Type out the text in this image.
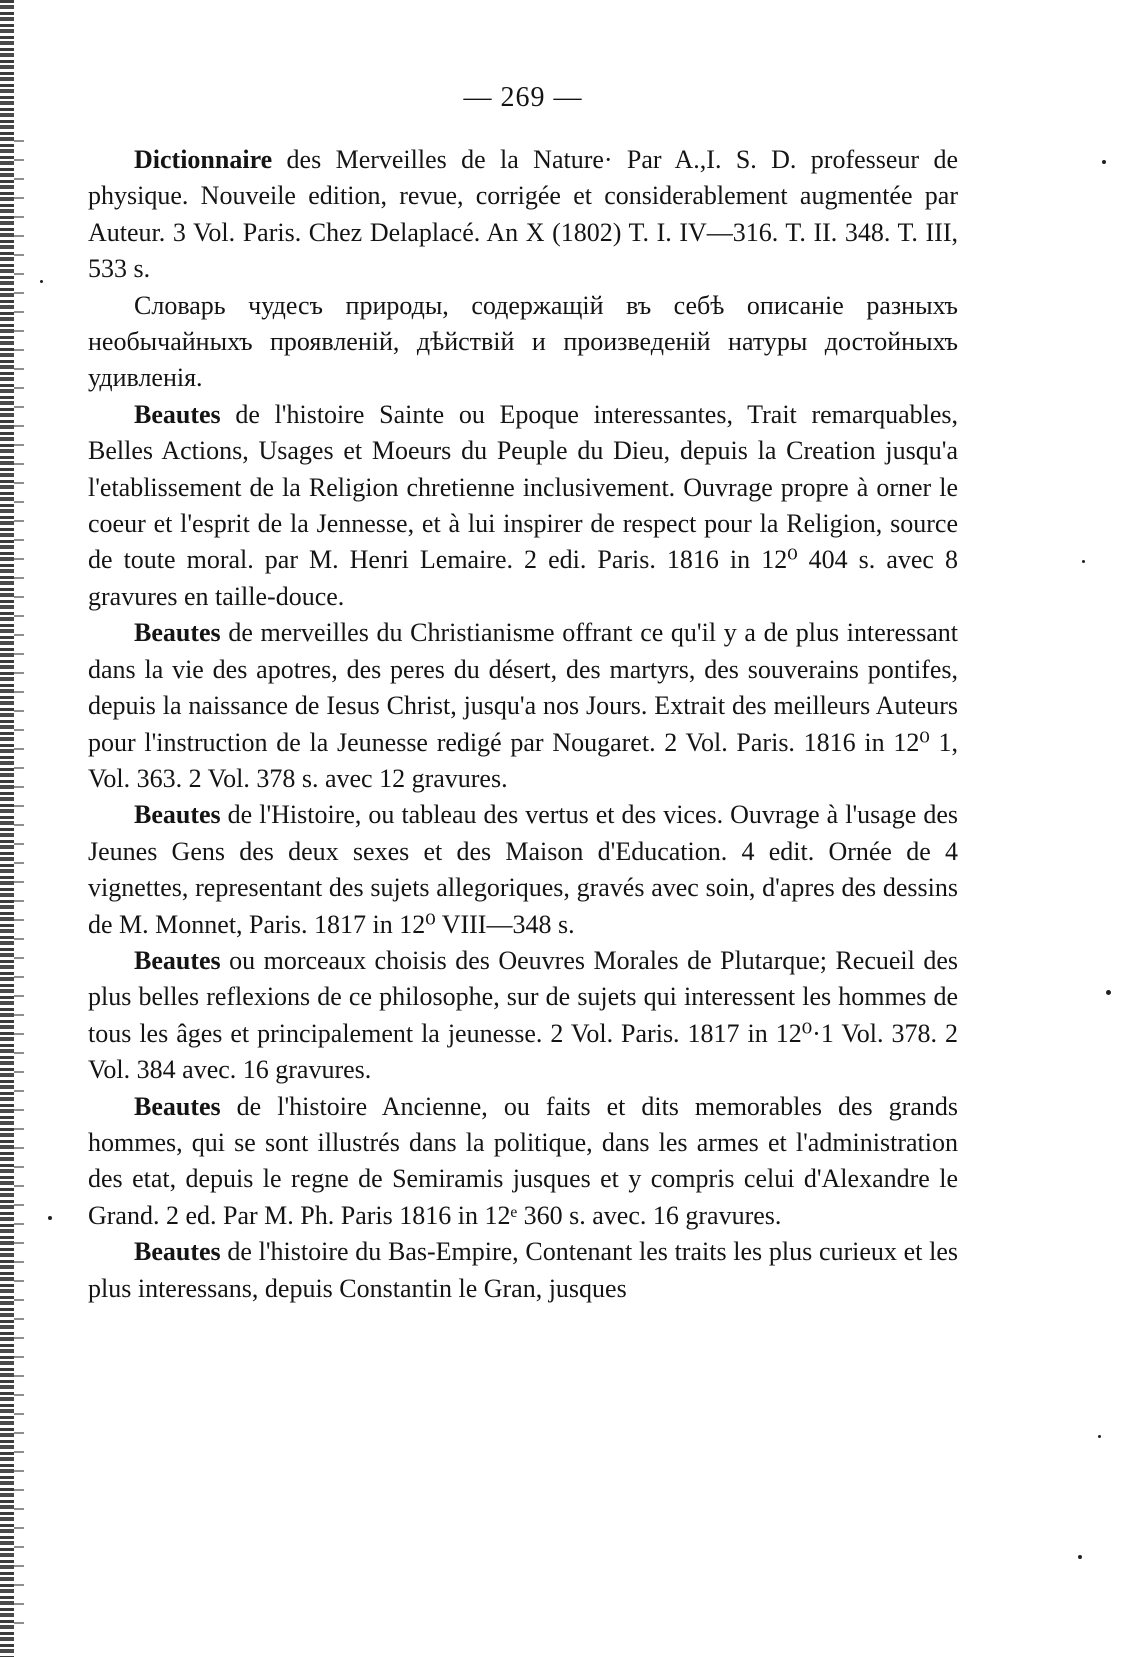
— 269 —

Dictionnaire des Merveilles de la Nature· Par A.,I. S. D. professeur de physique. Nouveile edition, revue, corrigée et considerablement augmentée par Auteur. 3 Vol. Paris. Chez Delaplacé. An X (1802) T. I. IV—316. T. II. 348. T. III, 533 s.

Словарь чудесъ природы, содержащiй въ себѣ описанiе разныхъ необычайныхъ проявленiй, дѣйствiй и произведенiй натуры достойныхъ удивленiя.

Beautes de l'histoire Sainte ou Epoque interessantes, Trait remarquables, Belles Actions, Usages et Moeurs du Peuple du Dieu, depuis la Creation jusqu'a l'etablissement de la Religion chretienne inclusivement. Ouvrage propre à orner le coeur et l'esprit de la Jennesse, et à lui inspirer de respect pour la Religion, source de toute moral. par M. Henri Lemaire. 2 edi. Paris. 1816 in 12⁰ 404 s. avec 8 gravures en taille-douce.

Beautes de merveilles du Christianisme offrant ce qu'il y a de plus interessant dans la vie des apotres, des peres du désert, des martyrs, des souverains pontifes, depuis la naissance de Iesus Christ, jusqu'a nos Jours. Extrait des meilleurs Auteurs pour l'instruction de la Jeunesse redigé par Nougaret. 2 Vol. Paris. 1816 in 12⁰ 1, Vol. 363. 2 Vol. 378 s. avec 12 gravures.

Beautes de l'Histoire, ou tableau des vertus et des vices. Ouvrage à l'usage des Jeunes Gens des deux sexes et des Maison d'Education. 4 edit. Ornée de 4 vignettes, representant des sujets allegoriques, gravés avec soin, d'apres des dessins de M. Monnet, Paris. 1817 in 12⁰ VIII—348 s.

Beautes ou morceaux choisis des Oeuvres Morales de Plutarque; Recueil des plus belles reflexions de ce philosophe, sur de sujets qui interessent les hommes de tous les âges et principalement la jeunesse. 2 Vol. Paris. 1817 in 12⁰·1 Vol. 378. 2 Vol. 384 avec. 16 gravures.

Beautes de l'histoire Ancienne, ou faits et dits memorables des grands hommes, qui se sont illustrés dans la politique, dans les armes et l'administration des etat, depuis le regne de Semiramis jusques et y compris celui d'Alexandre le Grand. 2 ed. Par M. Ph. Paris 1816 in 12ᵉ 360 s. avec. 16 gravures.

Beautes de l'histoire du Bas-Empire, Contenant les traits les plus curieux et les plus interessans, depuis Constantin le Gran, jusques
